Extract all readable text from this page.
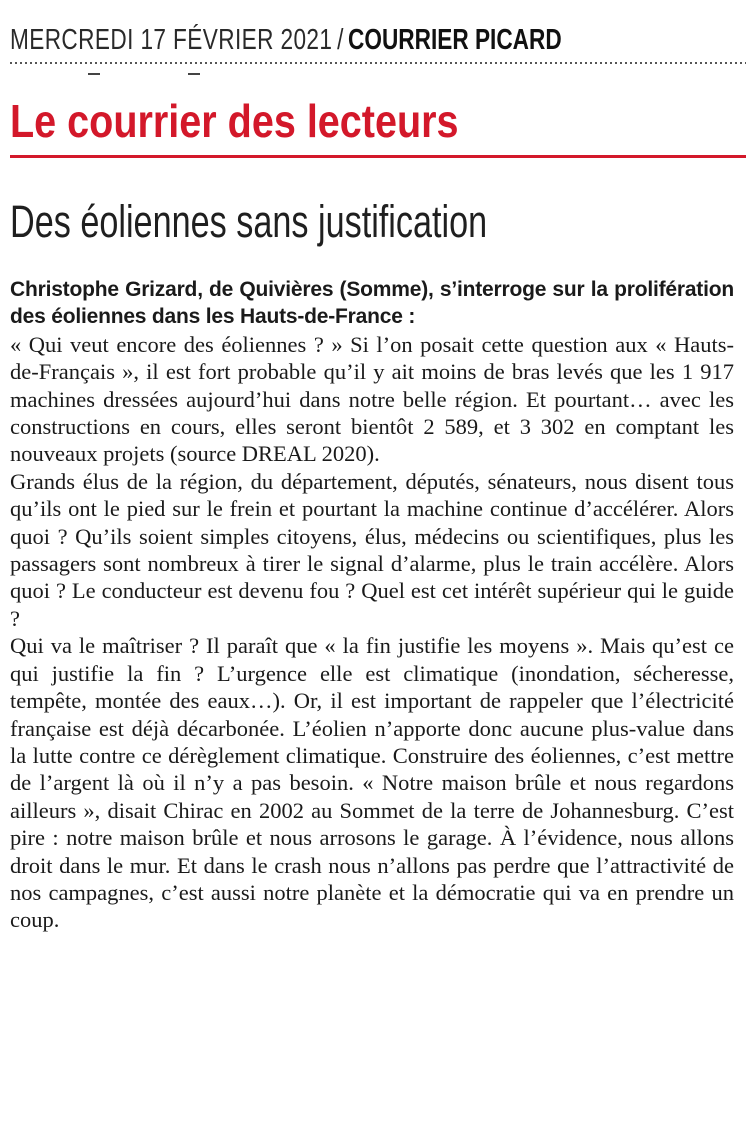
MERCREDI 17 FÉVRIER 2021 / COURRIER PICARD
Le courrier des lecteurs
Des éoliennes sans justification

Christophe Grizard, de Quivières (Somme), s’interroge sur la prolifération des éoliennes dans les Hauts-de-France :

« Qui veut encore des éoliennes ? » Si l’on posait cette question aux « Hauts-de-Français », il est fort probable qu’il y ait moins de bras levés que les 1 917 machines dressées aujourd’hui dans notre belle région. Et pourtant… avec les constructions en cours, elles seront bientôt 2 589, et 3 302 en comptant les nouveaux projets (source DREAL 2020).

Grands élus de la région, du département, députés, sénateurs, nous disent tous qu’ils ont le pied sur le frein et pourtant la machine continue d’accélérer. Alors quoi ? Qu’ils soient simples citoyens, élus, médecins ou scientifiques, plus les passagers sont nombreux à tirer le signal d’alarme, plus le train accélère. Alors quoi ? Le conducteur est devenu fou ? Quel est cet intérêt supérieur qui le guide ?

Qui va le maîtriser ? Il paraît que « la fin justifie les moyens ». Mais qu’est ce qui justifie la fin ? L’urgence elle est climatique (inondation, sécheresse, tempête, montée des eaux…). Or, il est important de rappeler que l’électricité française est déjà décarbonée. L’éolien n’apporte donc aucune plus-value dans la lutte contre ce dérèglement climatique. Construire des éoliennes, c’est mettre de l’argent là où il n’y a pas besoin. « Notre maison brûle et nous regardons ailleurs », disait Chirac en 2002 au Sommet de la terre de Johannesburg. C’est pire : notre maison brûle et nous arrosons le garage. À l’évidence, nous allons droit dans le mur. Et dans le crash nous n’allons pas perdre que l’attractivité de nos campagnes, c’est aussi notre planète et la démocratie qui va en prendre un coup.
